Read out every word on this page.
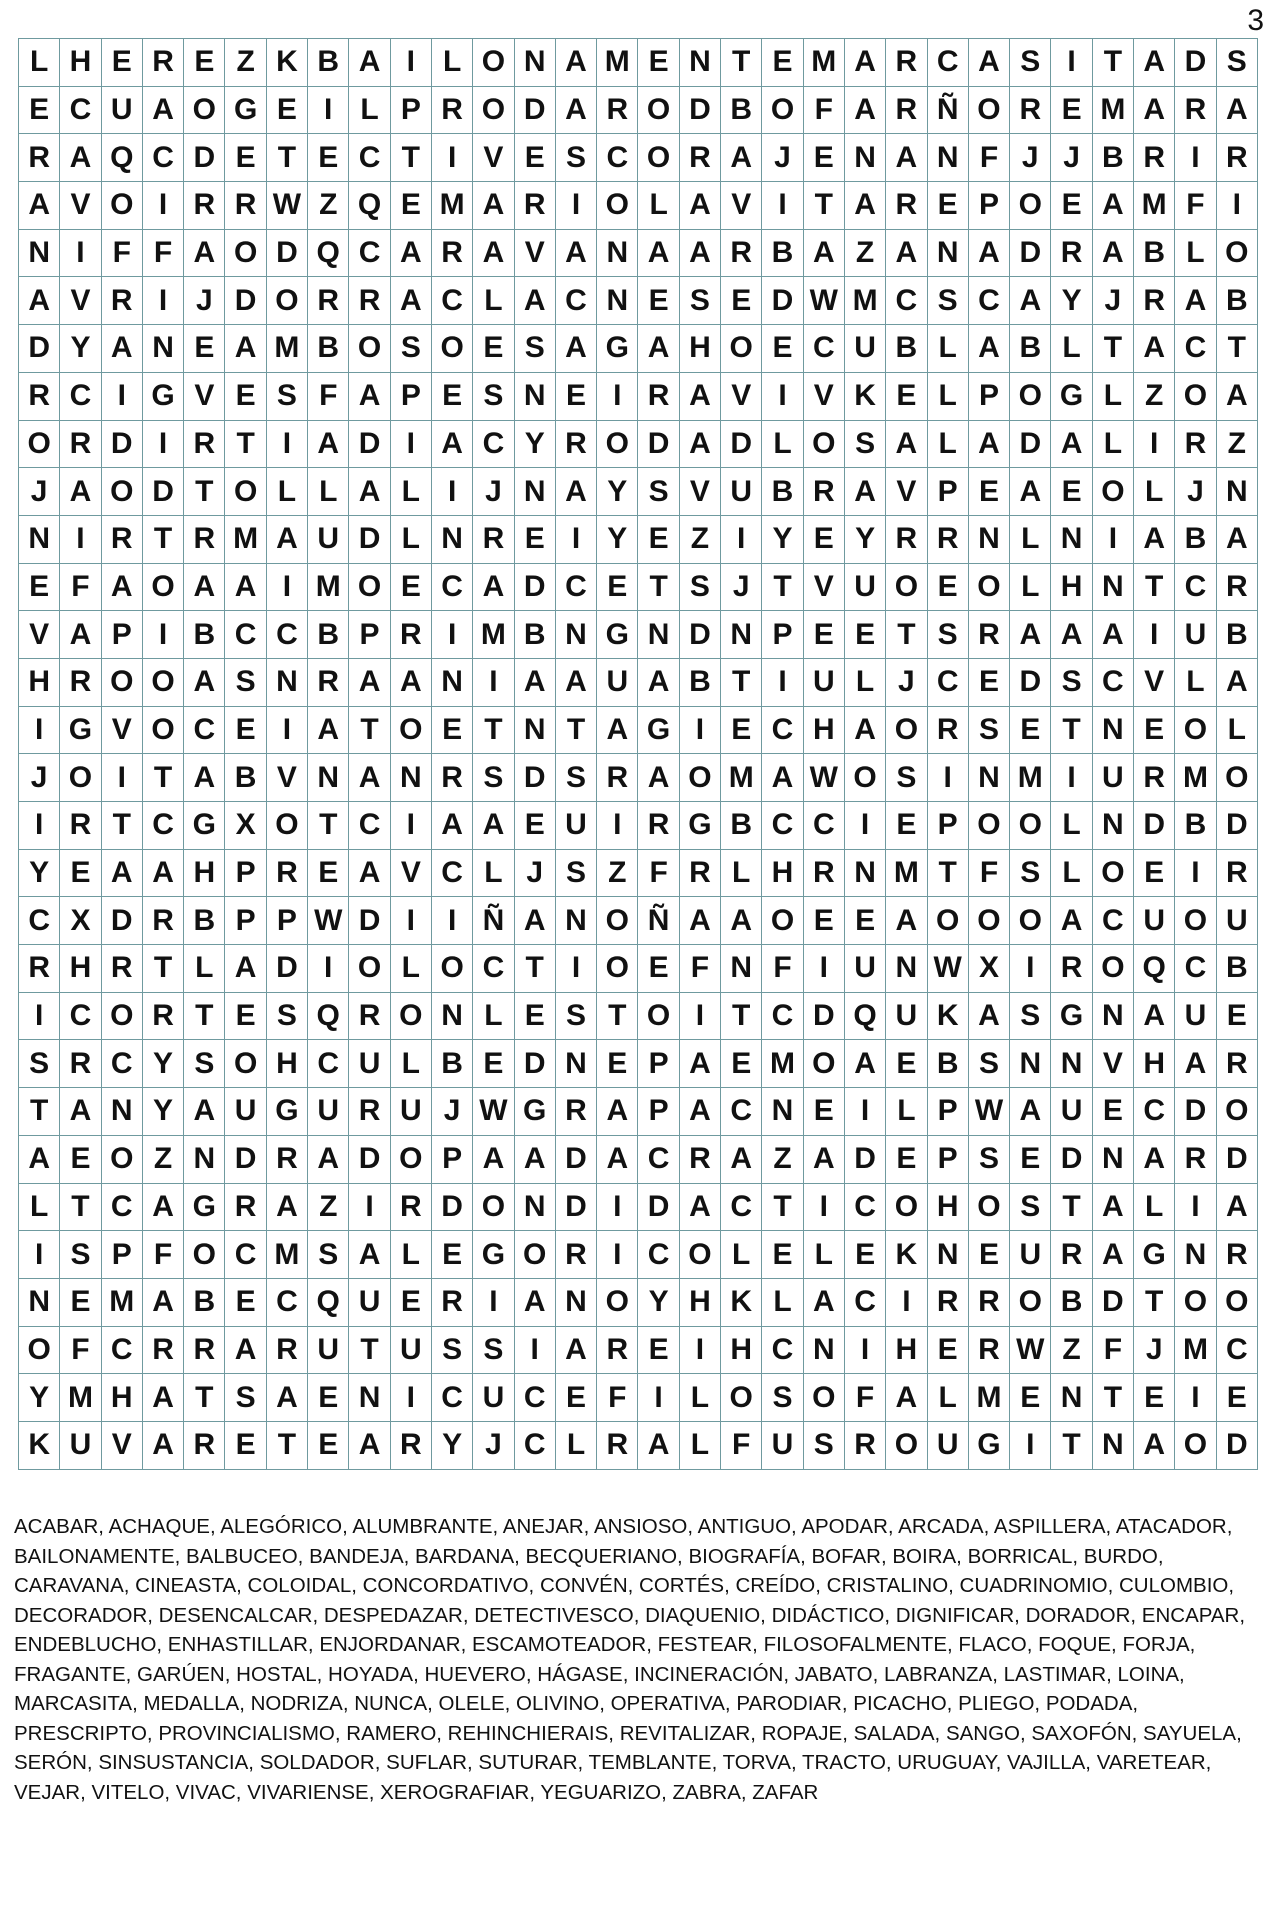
3
L	H	E	R	E	Z	K	B	A	I	L	O	N	A	M	E	N	T	E	M	A	R	C	A	S	I	T	A	D	S
E	C	U	A	O	G	E	I	L	P	R	O	D	A	R	O	D	B	O	F	A	R	Ñ	O	R	E	M	A	R	A
R	A	Q	C	D	E	T	E	C	T	I	V	E	S	C	O	R	A	J	E	N	A	N	F	J	J	B	R	I	R
A	V	O	I	R	R	W	Z	Q	E	M	A	R	I	O	L	A	V	I	T	A	R	E	P	O	E	A	M	F	I
N	I	F	F	A	O	D	Q	C	A	R	A	V	A	N	A	A	R	B	A	Z	A	N	A	D	R	A	B	L	O
A	V	R	I	J	D	O	R	R	A	C	L	A	C	N	E	S	E	D	W	M	C	S	C	A	Y	J	R	A	B
D	Y	A	N	E	A	M	B	O	S	O	E	S	A	G	A	H	O	E	C	U	B	L	A	B	L	T	A	C	T
R	C	I	G	V	E	S	F	A	P	E	S	N	E	I	R	A	V	I	V	K	E	L	P	O	G	L	Z	O	A
O	R	D	I	R	T	I	A	D	I	A	C	Y	R	O	D	A	D	L	O	S	A	L	A	D	A	L	I	R	Z
J	A	O	D	T	O	L	L	A	L	I	J	N	A	Y	S	V	U	B	R	A	V	P	E	A	E	O	L	J	N
N	I	R	T	R	M	A	U	D	L	N	R	E	I	Y	E	Z	I	Y	E	Y	R	R	N	L	N	I	A	B	A
E	F	A	O	A	A	I	M	O	E	C	A	D	C	E	T	S	J	T	V	U	O	E	O	L	H	N	T	C	R
V	A	P	I	B	C	C	B	P	R	I	M	B	N	G	N	D	N	P	E	E	T	S	R	A	A	A	I	U	B
H	R	O	O	A	S	N	R	A	A	N	I	A	A	U	A	B	T	I	U	L	J	C	E	D	S	C	V	L	A
I	G	V	O	C	E	I	A	T	O	E	T	N	T	A	G	I	E	C	H	A	O	R	S	E	T	N	E	O	L
J	O	I	T	A	B	V	N	A	N	R	S	D	S	R	A	O	M	A	W	O	S	I	N	M	I	U	R	M	O
I	R	T	C	G	X	O	T	C	I	A	A	E	U	I	R	G	B	C	C	I	E	P	O	O	L	N	D	B	D
Y	E	A	A	H	P	R	E	A	V	C	L	J	S	Z	F	R	L	H	R	N	M	T	F	S	L	O	E	I	R
C	X	D	R	B	P	P	W	D	I	I	Ñ	A	N	O	Ñ	A	A	O	E	E	A	O	O	O	A	C	U	O	U
R	H	R	T	L	A	D	I	O	L	O	C	T	I	O	E	F	N	F	I	U	N	W	X	I	R	O	Q	C	B
I	C	O	R	T	E	S	Q	R	O	N	L	E	S	T	O	I	T	C	D	Q	U	K	A	S	G	N	A	U	E
S	R	C	Y	S	O	H	C	U	L	B	E	D	N	E	P	A	E	M	O	A	E	B	S	N	N	V	H	A	R
T	A	N	Y	A	U	G	U	R	U	J	W	G	R	A	P	A	C	N	E	I	L	P	W	A	U	E	C	D	O
A	E	O	Z	N	D	R	A	D	O	P	A	A	D	A	C	R	A	Z	A	D	E	P	S	E	D	N	A	R	D
L	T	C	A	G	R	A	Z	I	R	D	O	N	D	I	D	A	C	T	I	C	O	H	O	S	T	A	L	I	A
I	S	P	F	O	C	M	S	A	L	E	G	O	R	I	C	O	L	E	L	E	K	N	E	U	R	A	G	N	R
N	E	M	A	B	E	C	Q	U	E	R	I	A	N	O	Y	H	K	L	A	C	I	R	R	O	B	D	T	O	O
O	F	C	R	R	A	R	U	T	U	S	S	I	A	R	E	I	H	C	N	I	H	E	R	W	Z	F	J	M	C
Y	M	H	A	T	S	A	E	N	I	C	U	C	E	F	I	L	O	S	O	F	A	L	M	E	N	T	E	I	E
K	U	V	A	R	E	T	E	A	R	Y	J	C	L	R	A	L	F	U	S	R	O	U	G	I	T	N	A	O	D
ACABAR, ACHAQUE, ALEGÓRICO, ALUMBRANTE, ANEJAR, ANSIOSO, ANTIGUO, APODAR, ARCADA, ASPILLERA, ATACADOR, BAILONAMENTE, BALBUCEO, BANDEJA, BARDANA, BECQUERIANO, BIOGRAFÍA, BOFAR, BOIRA, BORRICAL, BURDO, CARAVANA, CINEASTA, COLOIDAL, CONCORDATIVO, CONVÉN, CORTÉS, CREÍDO, CRISTALINO, CUADRINOMIO, CULOMBIO, DECORADOR, DESENCALCAR, DESPEDAZAR, DETECTIVESCO, DIAQUENIO, DIDÁCTICO, DIGNIFICAR, DORADOR, ENCAPAR, ENDEBLUCHO, ENHASTILLAR, ENJORDANAR, ESCAMOTEADOR, FESTEAR, FILOSOFALMENTE, FLACO, FOQUE, FORJA, FRAGANTE, GARÚEN, HOSTAL, HOYADA, HUEVERO, HÁGASE, INCINERACIÓN, JABATO, LABRANZA, LASTIMAR, LOINA, MARCASITA, MEDALLA, NODRIZA, NUNCA, OLELE, OLIVINO, OPERATIVA, PARODIAR, PICACHO, PLIEGO, PODADA, PRESCRIPTO, PROVINCIALISMO, RAMERO, REHINCHIERAIS, REVITALIZAR, ROPAJE, SALADA, SANGO, SAXOFÓN, SAYUELA, SERÓN, SINSUSTANCIA, SOLDADOR, SUFLAR, SUTURAR, TEMBLANTE, TORVA, TRACTO, URUGUAY, VAJILLA, VARETEAR, VEJAR, VITELO, VIVAC, VIVARIENSE, XEROGRAFIAR, YEGUARIZO, ZABRA, ZAFAR
